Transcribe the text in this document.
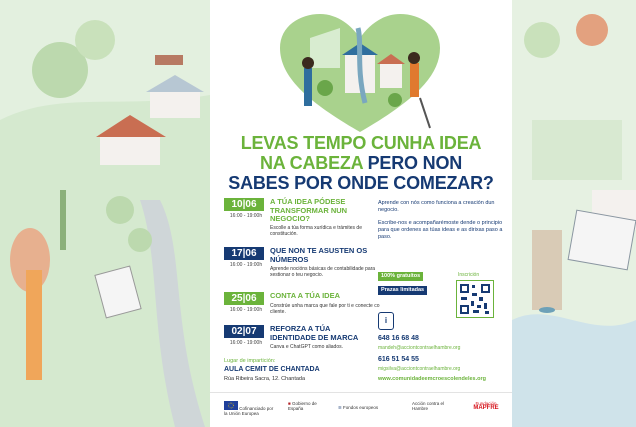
LEVAS TEMPO CUNHA IDEA
NA CABEZA PERO NON
SABES POR ONDE COMEZAR?
10|06
16:00 - 19:00h
A TÚA IDEA PÓDESE TRANSFORMAR NUN NEGOCIO?
Escolle a túa forma xurídica e trámites de constitución.
17|06
16:00 - 19:00h
QUE NON TE ASUSTEN OS NÚMEROS
Aprende nocións básicas de contabilidade para xestionar o teu negocio.
25|06
16:00 - 19:00h
CONTA A TÚA IDEA
Constrúe unha marca que fale por ti e conecte co cliente.
02|07
16:00 - 19:00h
REFORZA A TÚA IDENTIDADE DE MARCA
Canva e ChatGPT como aliados.
Lugar de impartición:
AULA CEMIT DE CHANTADA
Rúa Ribeira Sacra, 12. Chantada
Aprende con nós como funciona a creación dun negocio.
Escribe-nos e acompañarémoste dende o principio para que ordenes as túas ideas e as dirixas paso a paso.
100% gratuítos
Prazas limitadas
Inscrición
i
648 16 68 48
mandeh@acciontcontraelhambre.org
616 51 54 55
migsilva@acciontcontraelhambre.org
www.comunidadeemcroescolendeles.org
Cofinanciado por la Unión Europea
■ Gobierno de España	≋ Fondos europeos
Acción contra el Hambre
Fundación
MAPFRE
